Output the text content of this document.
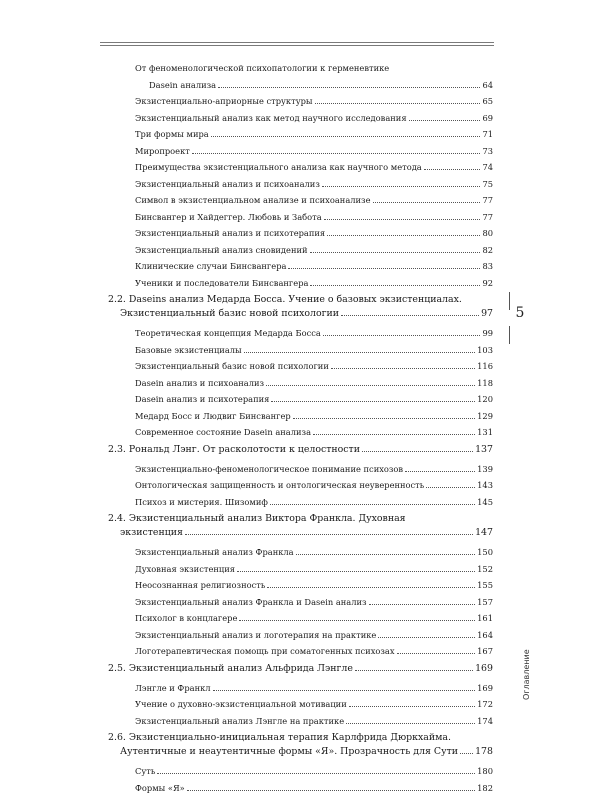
5
Оглавление
От феноменологической психопатологии к герменевтике
Dasein анализа	64
Экзистенциально-априорные структуры	65
Экзистенциальный анализ как метод научного исследования	69
Три формы мира	71
Миропроект	73
Преимущества экзистенциального анализа как научного метода	74
Экзистенциальный анализ и психоанализ	75
Символ в экзистенциальном анализе и психоанализе	77
Бинсвангер и Хайдеггер. Любовь и Забота	77
Экзистенциальный анализ и психотерапия	80
Экзистенциальный анализ сновидений	82
Клинические случаи Бинсвангера	83
Ученики и последователи Бинсвангера	92
2.2. Daseins анализ Медарда Босса. Учение о базовых экзистенциалах.
Экзистенциальный базис новой психологии	97
Теоретическая концепция Медарда Босса	99
Базовые экзистенциалы	103
Экзистенциальный базис новой психологии	116
Dasein анализ и психоанализ	118
Dasein анализ и психотерапия	120
Медард Босс и Людвиг Бинсвангер	129
Современное состояние Dasein анализа	131
2.3. Рональд Лэнг. От расколотости к целостности	137
Экзистенциально-феноменологическое понимание психозов	139
Онтологическая защищенность и онтологическая неуверенность	143
Психоз и мистерия. Шизомиф	145
2.4. Экзистенциальный анализ Виктора Франкла. Духовная
экзистенция	147
Экзистенциальный анализ Франкла	150
Духовная экзистенция	152
Неосознанная религиозность	155
Экзистенциальный анализ Франкла и Dasein анализ	157
Психолог в концлагере	161
Экзистенциальный анализ и логотерапия на практике	164
Логотерапевтическая помощь при соматогенных психозах	167
2.5. Экзистенциальный анализ Альфрида Лэнгле	169
Лэнгле и Франкл	169
Учение о духовно-экзистенциальной мотивации	172
Экзистенциальный анализ Лэнгле на практике	174
2.6. Экзистенциально-инициальная терапия Карлфрида Дюркхайма.
Аутентичные и неаутентичные формы «Я». Прозрачность для Сути 178
Суть	180
Формы «Я»	182
